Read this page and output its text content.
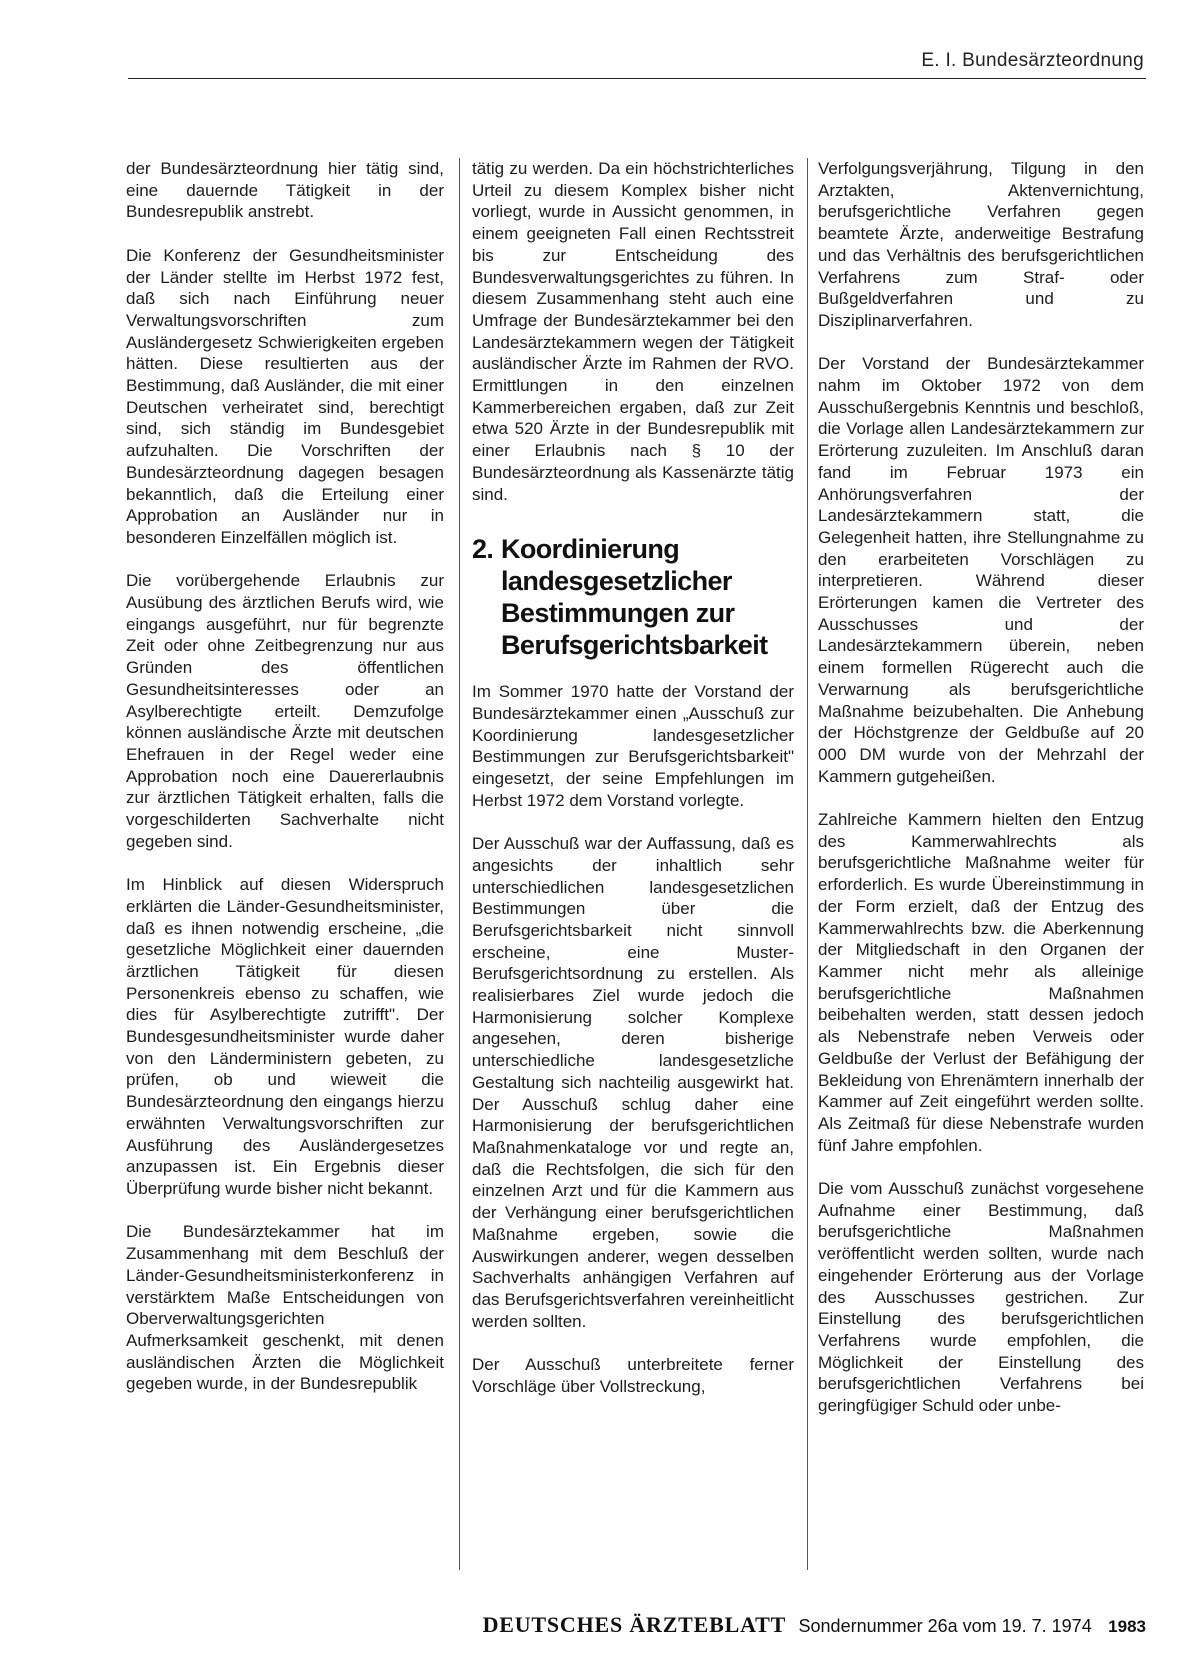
E. I. Bundesärzteordnung

der Bundesärzteordnung hier tätig sind, eine dauernde Tätigkeit in der Bundesrepublik anstrebt.

Die Konferenz der Gesundheitsminister der Länder stellte im Herbst 1972 fest, daß sich nach Einführung neuer Verwaltungsvorschriften zum Ausländergesetz Schwierigkeiten ergeben hätten. Diese resultierten aus der Bestimmung, daß Ausländer, die mit einer Deutschen verheiratet sind, berechtigt sind, sich ständig im Bundesgebiet aufzuhalten. Die Vorschriften der Bundesärzteordnung dagegen besagen bekanntlich, daß die Erteilung einer Approbation an Ausländer nur in besonderen Einzelfällen möglich ist.

Die vorübergehende Erlaubnis zur Ausübung des ärztlichen Berufs wird, wie eingangs ausgeführt, nur für begrenzte Zeit oder ohne Zeitbegrenzung nur aus Gründen des öffentlichen Gesundheitsinteresses oder an Asylberechtigte erteilt. Demzufolge können ausländische Ärzte mit deutschen Ehefrauen in der Regel weder eine Approbation noch eine Dauererlaubnis zur ärztlichen Tätigkeit erhalten, falls die vorgeschilderten Sachverhalte nicht gegeben sind.

Im Hinblick auf diesen Widerspruch erklärten die Länder-Gesundheitsminister, daß es ihnen notwendig erscheine, „die gesetzliche Möglichkeit einer dauernden ärztlichen Tätigkeit für diesen Personenkreis ebenso zu schaffen, wie dies für Asylberechtigte zutrifft". Der Bundesgesundheitsminister wurde daher von den Länderministern gebeten, zu prüfen, ob und wieweit die Bundesärzteordnung den eingangs hierzu erwähnten Verwaltungsvorschriften zur Ausführung des Ausländergesetzes anzupassen ist. Ein Ergebnis dieser Überprüfung wurde bisher nicht bekannt.

Die Bundesärztekammer hat im Zusammenhang mit dem Beschluß der Länder-Gesundheitsministerkonferenz in verstärktem Maße Entscheidungen von Oberverwaltungsgerichten Aufmerksamkeit geschenkt, mit denen ausländischen Ärzten die Möglichkeit gegeben wurde, in der Bundesrepublik

tätig zu werden. Da ein höchstrichterliches Urteil zu diesem Komplex bisher nicht vorliegt, wurde in Aussicht genommen, in einem geeigneten Fall einen Rechtsstreit bis zur Entscheidung des Bundesverwaltungsgerichtes zu führen. In diesem Zusammenhang steht auch eine Umfrage der Bundesärztekammer bei den Landesärztekammern wegen der Tätigkeit ausländischer Ärzte im Rahmen der RVO. Ermittlungen in den einzelnen Kammerbereichen ergaben, daß zur Zeit etwa 520 Ärzte in der Bundesrepublik mit einer Erlaubnis nach § 10 der Bundesärzteordnung als Kassenärzte tätig sind.

2. Koordinierung
landesgesetzlicher
Bestimmungen zur
Berufsgerichtsbarkeit

Im Sommer 1970 hatte der Vorstand der Bundesärztekammer einen „Ausschuß zur Koordinierung landesgesetzlicher Bestimmungen zur Berufsgerichtsbarkeit" eingesetzt, der seine Empfehlungen im Herbst 1972 dem Vorstand vorlegte.

Der Ausschuß war der Auffassung, daß es angesichts der inhaltlich sehr unterschiedlichen landesgesetzlichen Bestimmungen über die Berufsgerichtsbarkeit nicht sinnvoll erscheine, eine Muster-Berufsgerichtsordnung zu erstellen. Als realisierbares Ziel wurde jedoch die Harmonisierung solcher Komplexe angesehen, deren bisherige unterschiedliche landesgesetzliche Gestaltung sich nachteilig ausgewirkt hat. Der Ausschuß schlug daher eine Harmonisierung der berufsgerichtlichen Maßnahmenkataloge vor und regte an, daß die Rechtsfolgen, die sich für den einzelnen Arzt und für die Kammern aus der Verhängung einer berufsgerichtlichen Maßnahme ergeben, sowie die Auswirkungen anderer, wegen desselben Sachverhalts anhängigen Verfahren auf das Berufsgerichtsverfahren vereinheitlicht werden sollten.

Der Ausschuß unterbreitete ferner Vorschläge über Vollstreckung,

Verfolgungsverjährung, Tilgung in den Arztakten, Aktenvernichtung, berufsgerichtliche Verfahren gegen beamtete Ärzte, anderweitige Bestrafung und das Verhältnis des berufsgerichtlichen Verfahrens zum Straf- oder Bußgeldverfahren und zu Disziplinarverfahren.

Der Vorstand der Bundesärztekammer nahm im Oktober 1972 von dem Ausschußergebnis Kenntnis und beschloß, die Vorlage allen Landesärztekammern zur Erörterung zuzuleiten. Im Anschluß daran fand im Februar 1973 ein Anhörungsverfahren der Landesärztekammern statt, die Gelegenheit hatten, ihre Stellungnahme zu den erarbeiteten Vorschlägen zu interpretieren. Während dieser Erörterungen kamen die Vertreter des Ausschusses und der Landesärztekammern überein, neben einem formellen Rügerecht auch die Verwarnung als berufsgerichtliche Maßnahme beizubehalten. Die Anhebung der Höchstgrenze der Geldbuße auf 20 000 DM wurde von der Mehrzahl der Kammern gutgeheißen.

Zahlreiche Kammern hielten den Entzug des Kammerwahlrechts als berufsgerichtliche Maßnahme weiter für erforderlich. Es wurde Übereinstimmung in der Form erzielt, daß der Entzug des Kammerwahlrechts bzw. die Aberkennung der Mitgliedschaft in den Organen der Kammer nicht mehr als alleinige berufsgerichtliche Maßnahmen beibehalten werden, statt dessen jedoch als Nebenstrafe neben Verweis oder Geldbuße der Verlust der Befähigung der Bekleidung von Ehrenämtern innerhalb der Kammer auf Zeit eingeführt werden sollte. Als Zeitmaß für diese Nebenstrafe wurden fünf Jahre empfohlen.

Die vom Ausschuß zunächst vorgesehene Aufnahme einer Bestimmung, daß berufsgerichtliche Maßnahmen veröffentlicht werden sollten, wurde nach eingehender Erörterung aus der Vorlage des Ausschusses gestrichen. Zur Einstellung des berufsgerichtlichen Verfahrens wurde empfohlen, die Möglichkeit der Einstellung des berufsgerichtlichen Verfahrens bei geringfügiger Schuld oder unbe-

DEUTSCHES ÄRZTEBLATT Sondernummer 26a vom 19. 7. 1974 1983
